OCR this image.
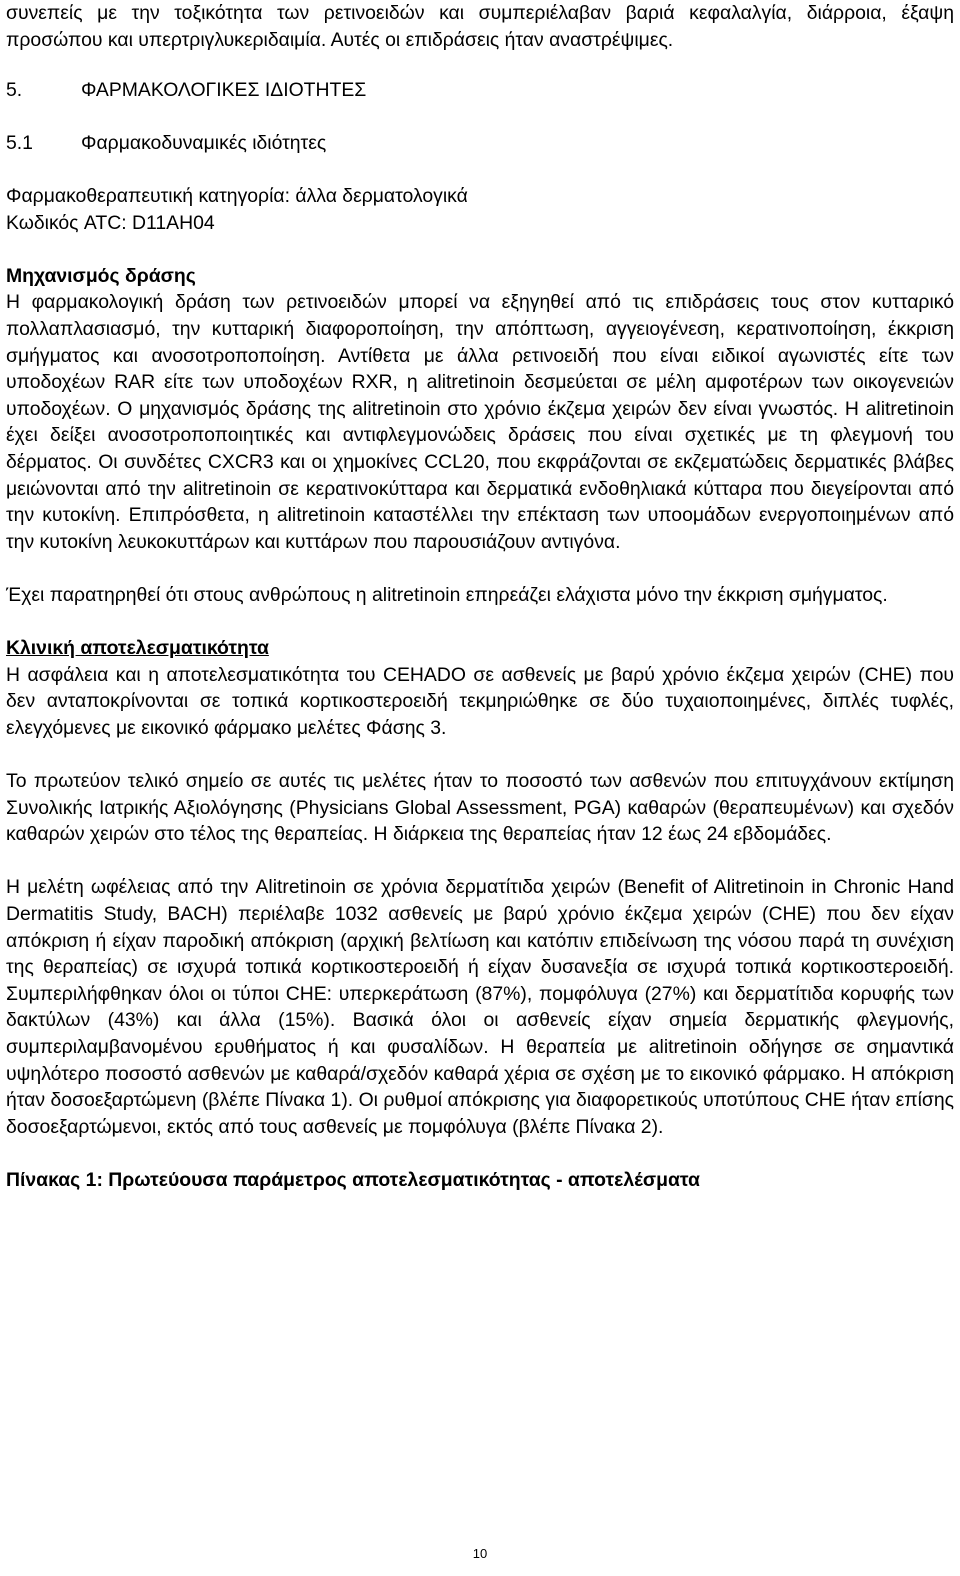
συνεπείς με την τοξικότητα των ρετινοειδών και συμπεριέλαβαν βαριά κεφαλαλγία, διάρροια, έξαψη προσώπου και υπερτριγλυκεριδαιμία. Αυτές οι επιδράσεις ήταν αναστρέψιμες.

5.	ΦΑΡΜΑΚΟΛΟΓΙΚΕΣ ΙΔΙΟΤΗΤΕΣ
5.1	Φαρμακοδυναμικές ιδιότητες

Φαρμακοθεραπευτική κατηγορία: άλλα δερματολογικά

Κωδικός ATC: D11AH04

Μηχανισμός δράσης

Η φαρμακολογική δράση των ρετινοειδών μπορεί να εξηγηθεί από τις επιδράσεις τους στον κυτταρικό πολλαπλασιασμό, την κυτταρική διαφοροποίηση, την απόπτωση, αγγειογένεση, κερατινοποίηση, έκκριση σμήγματος και ανοσοτροποποίηση. Αντίθετα με άλλα ρετινοειδή που είναι ειδικοί αγωνιστές είτε των υποδοχέων RAR είτε των υποδοχέων RXR, η alitretinoin δεσμεύεται σε μέλη αμφοτέρων των οικογενειών υποδοχέων. Ο μηχανισμός δράσης της alitretinoin στο χρόνιο έκζεμα χειρών δεν είναι γνωστός. Η alitretinoin έχει δείξει ανοσοτροποποιητικές και αντιφλεγμονώδεις δράσεις που είναι σχετικές με τη φλεγμονή του δέρματος. Οι συνδέτες CXCR3 και οι χημοκίνες CCL20, που εκφράζονται σε εκζεματώδεις δερματικές βλάβες μειώνονται από την alitretinoin σε κερατινοκύτταρα και δερματικά ενδοθηλιακά κύτταρα που διεγείρονται από την κυτοκίνη. Επιπρόσθετα, η alitretinoin καταστέλλει την επέκταση των υποομάδων ενεργοποιημένων από την κυτοκίνη λευκοκυττάρων και κυττάρων που παρουσιάζουν αντιγόνα.

Έχει παρατηρηθεί ότι στους ανθρώπους η alitretinoin επηρεάζει ελάχιστα μόνο την έκκριση σμήγματος.

Κλινική αποτελεσματικότητα

Η ασφάλεια και η αποτελεσματικότητα του CEHADO σε ασθενείς με βαρύ χρόνιο έκζεμα χειρών (CHE) που δεν ανταποκρίνονται σε τοπικά κορτικοστεροειδή τεκμηριώθηκε σε δύο τυχαιοποιημένες, διπλές τυφλές, ελεγχόμενες με εικονικό φάρμακο μελέτες Φάσης 3.

Το πρωτεύον τελικό σημείο σε αυτές τις μελέτες ήταν το ποσοστό των ασθενών που επιτυγχάνουν εκτίμηση Συνολικής Ιατρικής Αξιολόγησης (Physicians Global Assessment, PGA) καθαρών (θεραπευμένων) και σχεδόν καθαρών χειρών στο τέλος της θεραπείας. Η διάρκεια της θεραπείας ήταν 12 έως 24 εβδομάδες.

Η μελέτη ωφέλειας από την Alitretinoin σε χρόνια δερματίτιδα χειρών (Benefit of Alitretinoin in Chronic Hand Dermatitis Study, BACH) περιέλαβε 1032 ασθενείς με βαρύ χρόνιο έκζεμα χειρών (CHE) που δεν είχαν απόκριση ή είχαν παροδική απόκριση (αρχική βελτίωση και κατόπιν επιδείνωση της νόσου παρά τη συνέχιση της θεραπείας) σε ισχυρά τοπικά κορτικοστεροειδή ή είχαν δυσανεξία σε ισχυρά τοπικά κορτικοστεροειδή. Συμπεριλήφθηκαν όλοι οι τύποι CHE: υπερκεράτωση (87%), πομφόλυγα (27%) και δερματίτιδα κορυφής των δακτύλων (43%) και άλλα (15%). Βασικά όλοι οι ασθενείς είχαν σημεία δερματικής φλεγμονής, συμπεριλαμβανομένου ερυθήματος ή και φυσαλίδων. Η θεραπεία με alitretinoin οδήγησε σε σημαντικά υψηλότερο ποσοστό ασθενών με καθαρά/σχεδόν καθαρά χέρια σε σχέση με το εικονικό φάρμακο. Η απόκριση ήταν δοσοεξαρτώμενη (βλέπε Πίνακα 1). Οι ρυθμοί απόκρισης για διαφορετικούς υποτύπους CHE ήταν επίσης δοσοεξαρτώμενοι, εκτός από τους ασθενείς με πομφόλυγα (βλέπε Πίνακα 2).

Πίνακας 1: Πρωτεύουσα παράμετρος αποτελεσματικότητας - αποτελέσματα

10
